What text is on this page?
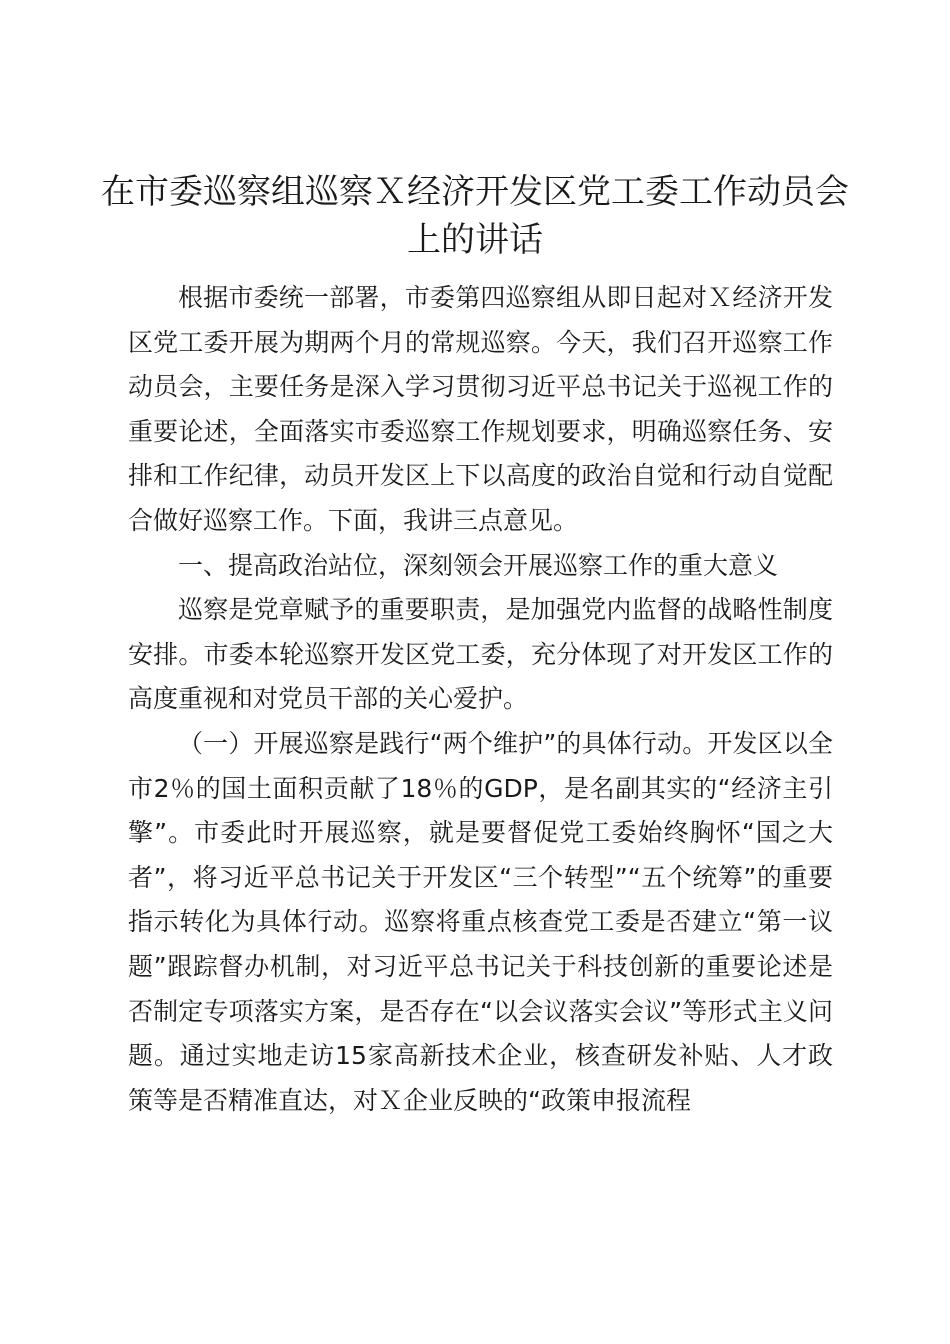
在市委巡察组巡察Ｘ经济开发区党工委工作动员会上的讲话

根据市委统一部署，市委第四巡察组从即日起对Ｘ经济开发区党工委开展为期两个月的常规巡察。今天，我们召开巡察工作动员会，主要任务是深入学习贯彻习近平总书记关于巡视工作的重要论述，全面落实市委巡察工作规划要求，明确巡察任务、安排和工作纪律，动员开发区上下以高度的政治自觉和行动自觉配合做好巡察工作。下面，我讲三点意见。

一、提高政治站位，深刻领会开展巡察工作的重大意义

巡察是党章赋予的重要职责，是加强党内监督的战略性制度安排。市委本轮巡察开发区党工委，充分体现了对开发区工作的高度重视和对党员干部的关心爱护。

（一）开展巡察是践行“两个维护”的具体行动。开发区以全市2％的国土面积贡献了18％的GDP，是名副其实的“经济主引擎”。市委此时开展巡察，就是要督促党工委始终胸怀“国之大者”，将习近平总书记关于开发区“三个转型”“五个统筹”的重要指示转化为具体行动。巡察将重点核查党工委是否建立“第一议题”跟踪督办机制，对习近平总书记关于科技创新的重要论述是否制定专项落实方案，是否存在“以会议落实会议”等形式主义问题。通过实地走访15家高新技术企业，核查研发补贴、人才政策等是否精准直达，对Ｘ企业反映的“政策申报流程
